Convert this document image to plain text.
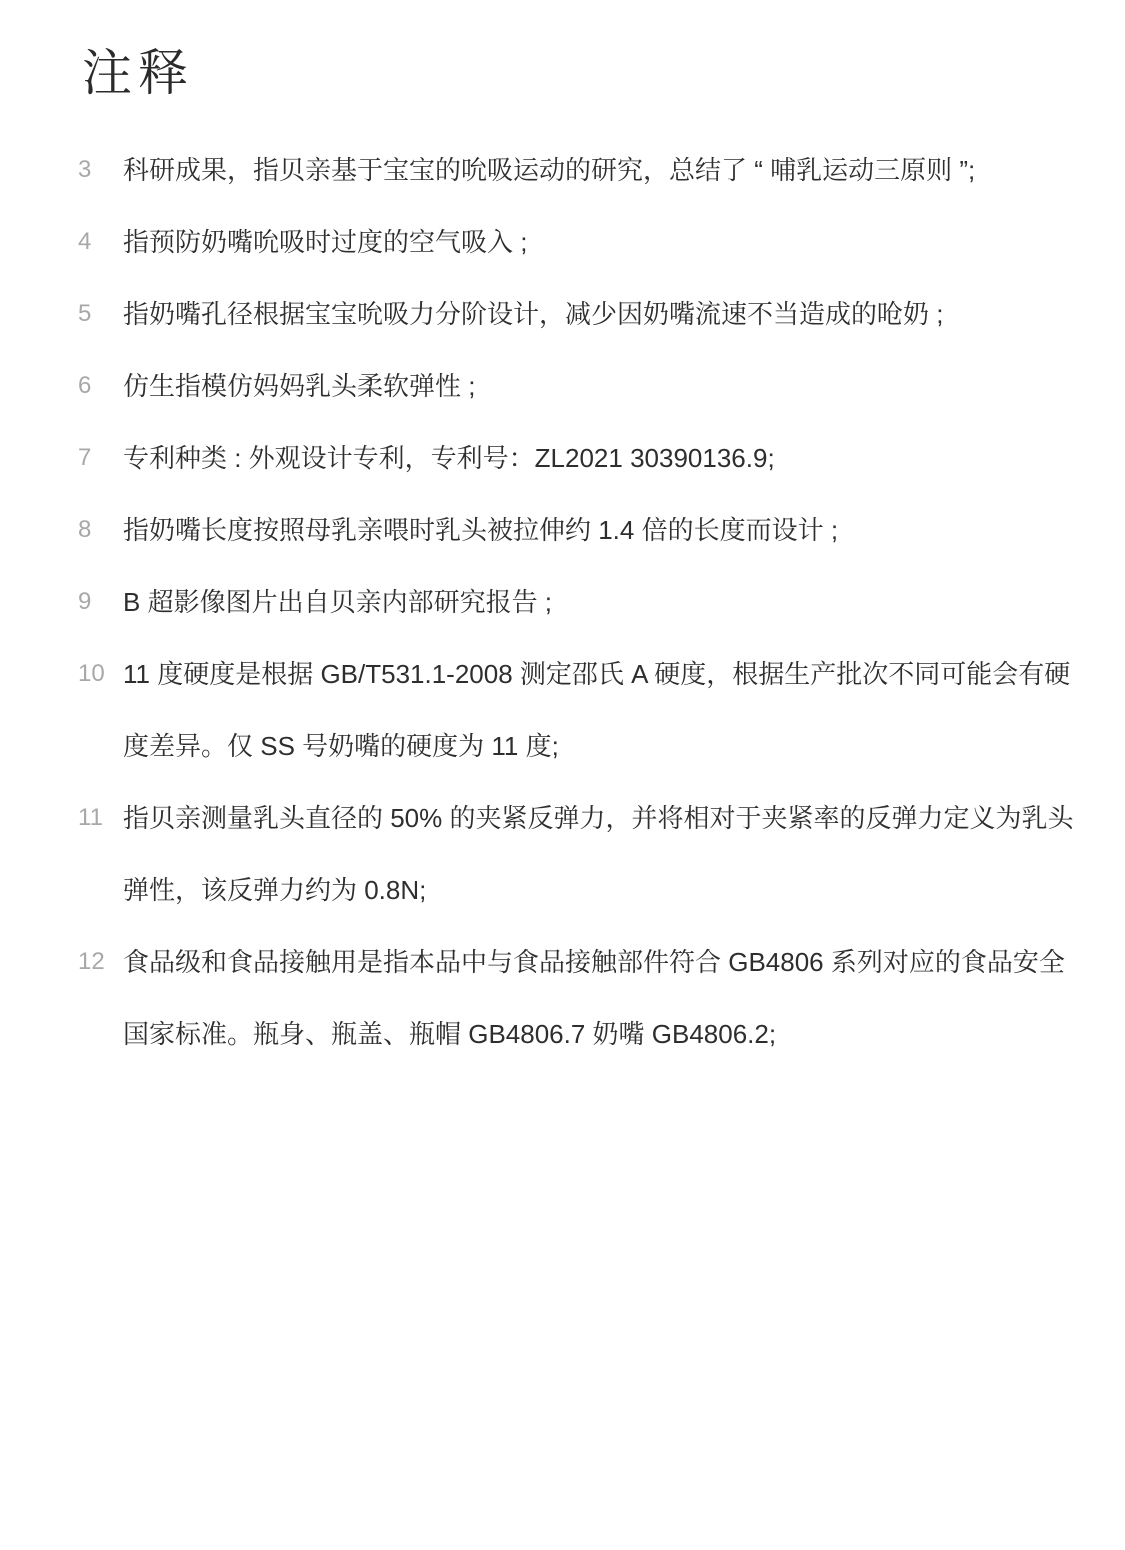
注释
3	科研成果，指贝亲基于宝宝的吮吸运动的研究，总结了 “ 哺乳运动三原则 ”;
4	指预防奶嘴吮吸时过度的空气吸入 ;
5	指奶嘴孔径根据宝宝吮吸力分阶设计，减少因奶嘴流速不当造成的呛奶 ;
6	仿生指模仿妈妈乳头柔软弹性 ;
7	专利种类 : 外观设计专利，专利号：ZL2021 30390136.9;
8	指奶嘴长度按照母乳亲喂时乳头被拉伸约 1.4 倍的长度而设计 ;
9	B 超影像图片出自贝亲内部研究报告 ;
10 11 度硬度是根据 GB/T531.1-2008 测定邵氏 A 硬度，根据生产批次不同可能会有硬度差异。仅 SS 号奶嘴的硬度为 11 度;
11 指贝亲测量乳头直径的 50% 的夹紧反弹力，并将相对于夹紧率的反弹力定义为乳头弹性，该反弹力约为 0.8N;
12 食品级和食品接触用是指本品中与食品接触部件符合 GB4806 系列对应的食品安全国家标准。瓶身、瓶盖、瓶帽 GB4806.7 奶嘴 GB4806.2;
